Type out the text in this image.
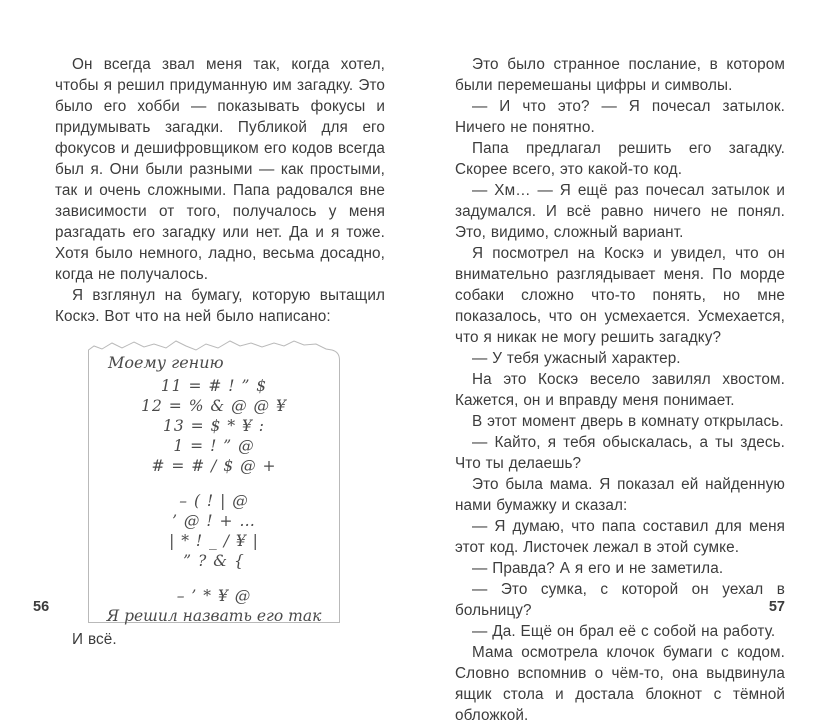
Он всегда звал меня так, когда хотел, чтобы я решил придуманную им загадку. Это было его хобби — показывать фокусы и придумывать загадки. Публикой для его фокусов и дешифровщиком его кодов всегда был я. Они были разными — как простыми, так и очень сложными. Папа радовался вне зависимости от того, получалось у меня разгадать его загадку или нет. Да и я тоже. Хотя было немного, ладно, весьма досадно, когда не получалось.

Я взглянул на бумагу, которую вытащил Коскэ. Вот что на ней было написано:

Моему гению
11 = # ! ” $
12 = % & @ @ ¥
13 = $ * ¥ :
1 = ! ” @
# = # / $ @ +
– ( ! | @
’ @ ! + …
| * ! _ / ¥ |
” ? & {
– ’ * ¥ @
Я решил назвать его так

И всё.

Это было странное послание, в котором были перемешаны цифры и символы.

— И что это? — Я почесал затылок. Ничего не понятно.

Папа предлагал решить его загадку. Скорее всего, это какой-то код.

— Хм… — Я ещё раз почесал затылок и задумался. И всё равно ничего не понял. Это, видимо, сложный вариант.

Я посмотрел на Коскэ и увидел, что он внимательно разглядывает меня. По морде собаки сложно что-то понять, но мне показалось, что он усмехается. Усмехается, что я никак не могу решить загадку?

— У тебя ужасный характер.

На это Коскэ весело завилял хвостом. Кажется, он и вправду меня понимает.

В этот момент дверь в комнату открылась.

— Кайто, я тебя обыскалась, а ты здесь. Что ты делаешь?

Это была мама. Я показал ей найденную нами бумажку и сказал:

— Я думаю, что папа составил для меня этот код. Листочек лежал в этой сумке.

— Правда? А я его и не заметила.

— Это сумка, с которой он уехал в больницу?

— Да. Ещё он брал её с собой на работу.

Мама осмотрела клочок бумаги с кодом. Словно вспомнив о чём-то, она выдвинула ящик стола и достала блокнот с тёмной обложкой.

56	57
